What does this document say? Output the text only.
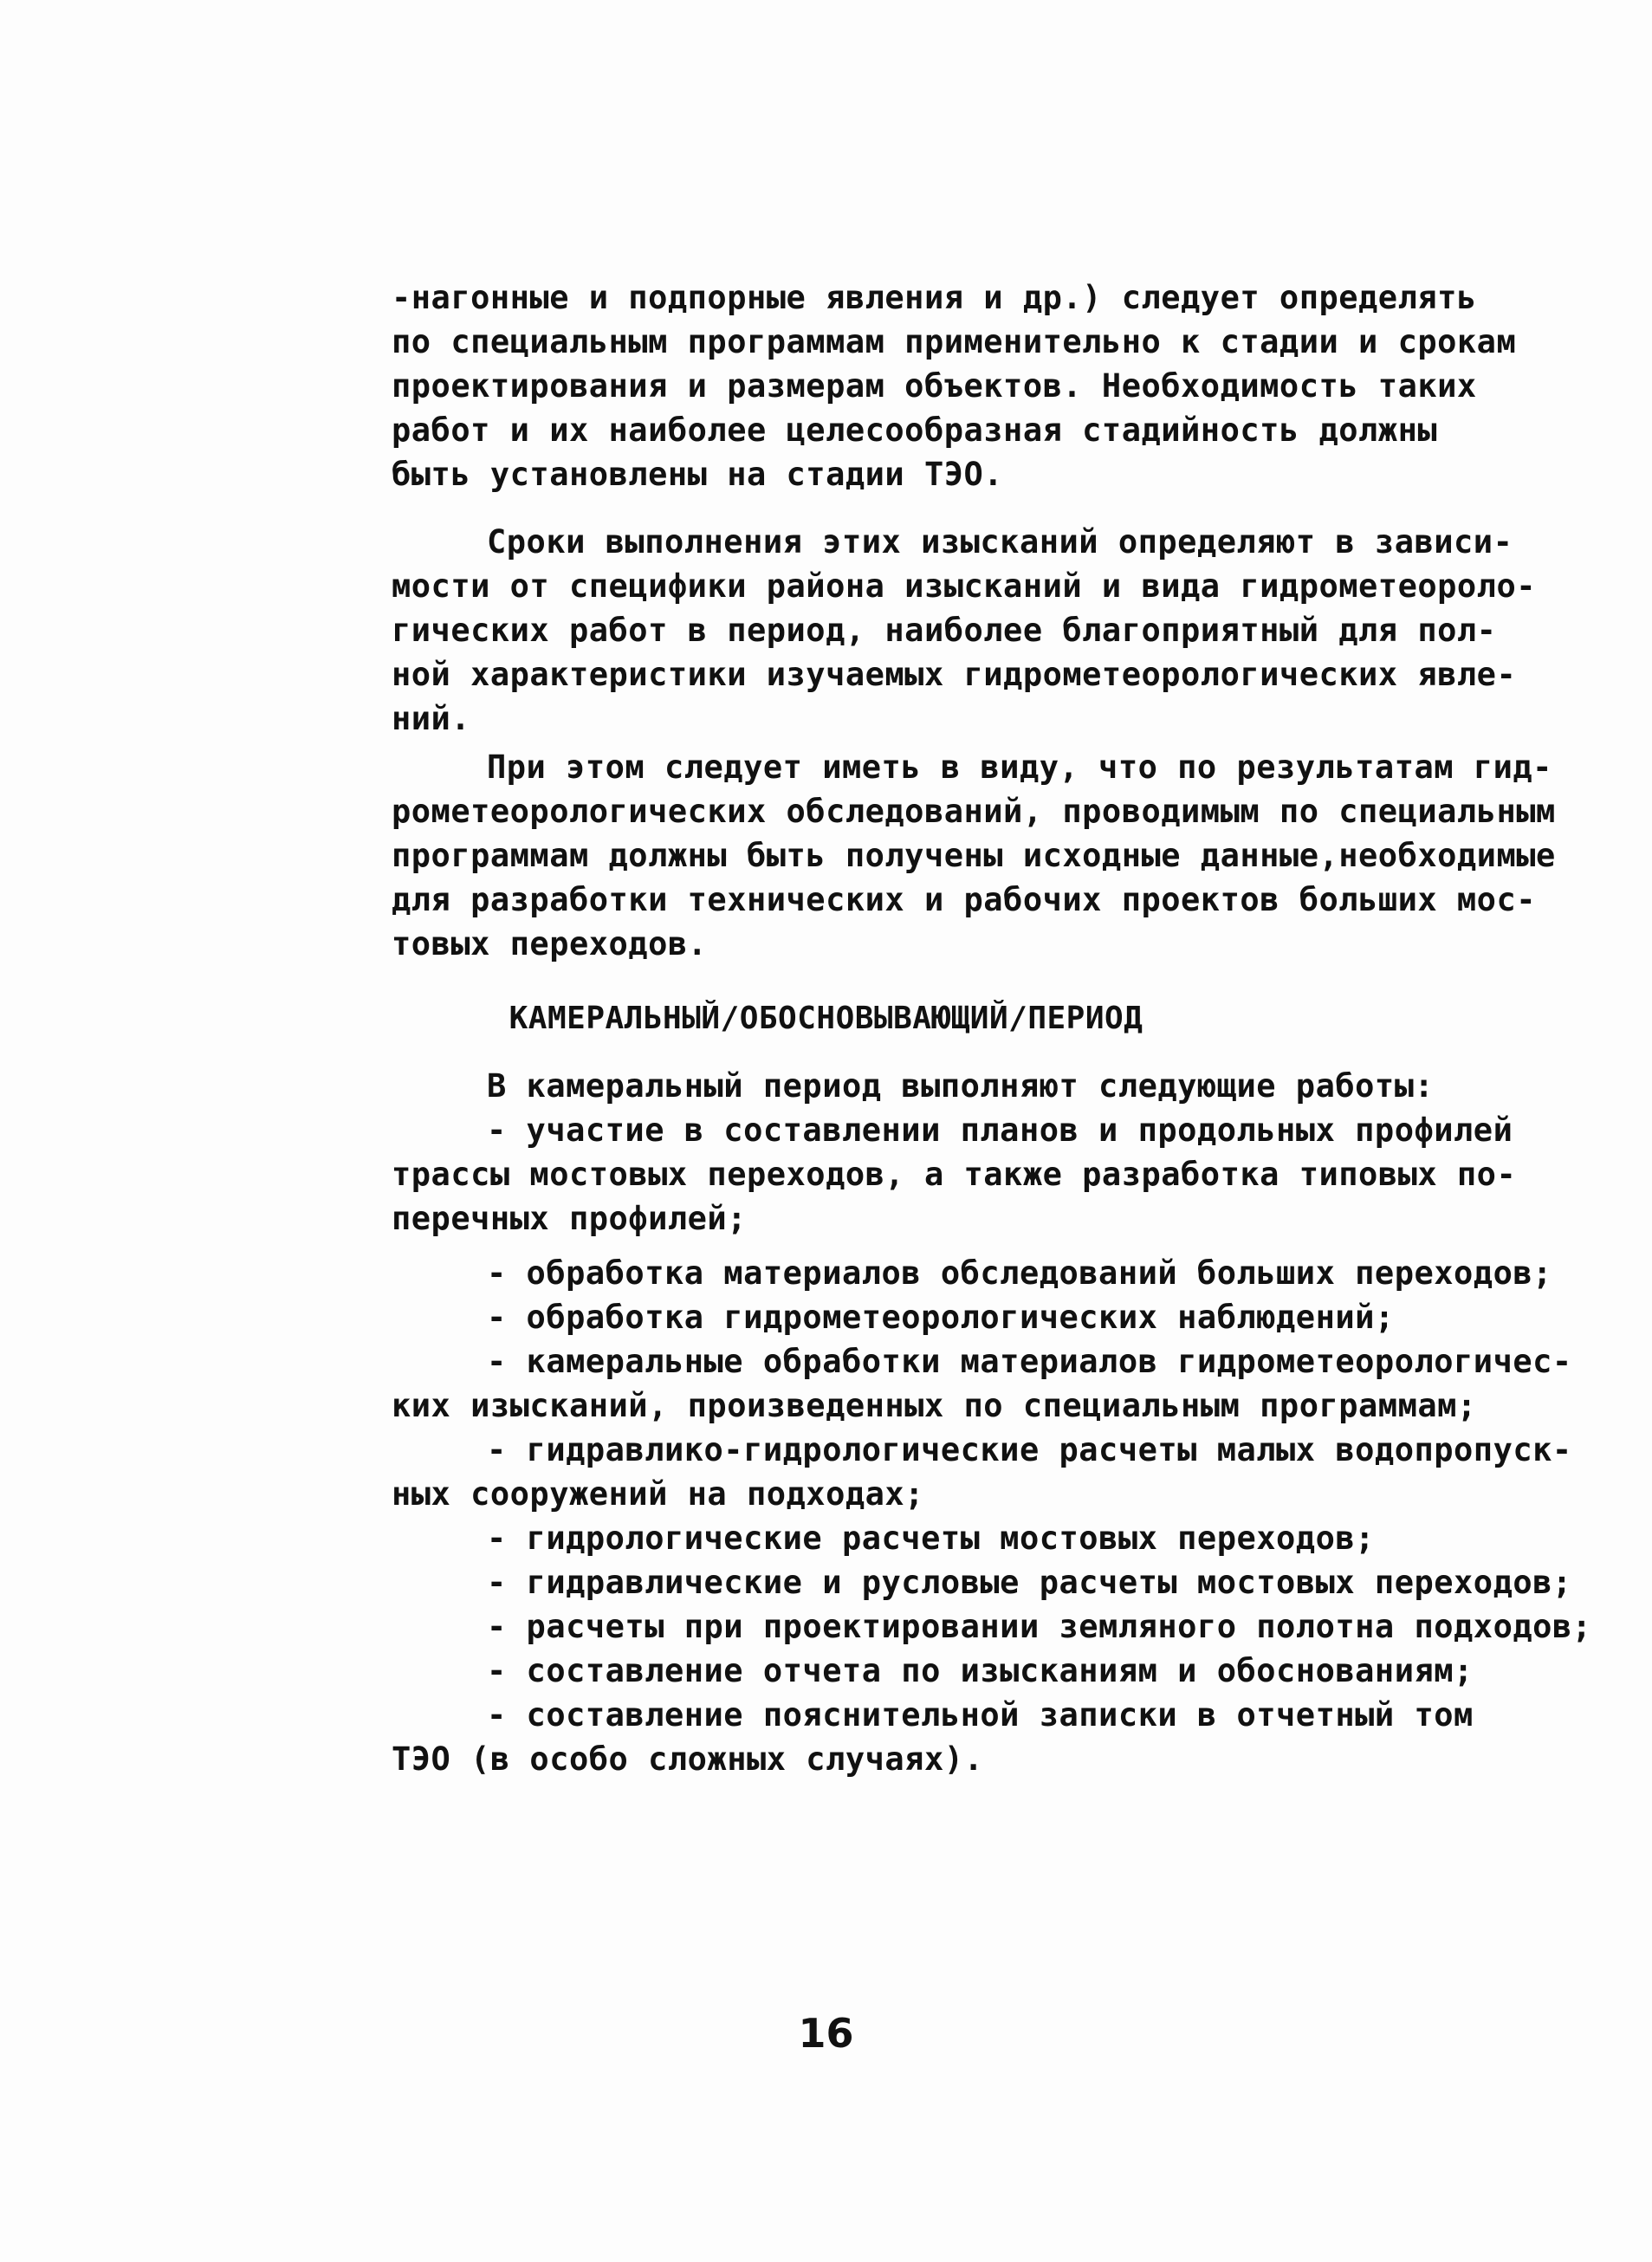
-нагонные и подпорные явления и др.) следует определять
по специальным программам применительно к стадии и срокам
проектирования и размерам объектов. Необходимость таких
работ и их наиболее целесообразная стадийность должны
быть установлены на стадии ТЭО.
Сроки выполнения этих изысканий определяют в зависи-
мости от специфики района изысканий и вида гидрометеороло-
гических работ в период, наиболее благоприятный для пол-
ной характеристики изучаемых гидрометеорологических явле-
ний.
При этом следует иметь в виду, что по результатам гид-
рометеорологических обследований, проводимым по специальным
программам должны быть получены исходные данные,необходимые
для разработки технических и рабочих проектов больших мос-
товых переходов.
КАМЕРАЛЬНЫЙ/ОБОСНОВЫВАЮЩИЙ/ПЕРИОД
В камеральный период выполняют следующие работы:
- участие в составлении планов и продольных профилей
трассы мостовых переходов, а также разработка типовых по-
перечных профилей;
- обработка материалов обследований больших переходов;
- обработка гидрометеорологических наблюдений;
- камеральные обработки материалов гидрометеорологичес-
ких изысканий, произведенных по специальным программам;
- гидравлико-гидрологические расчеты малых водопропуск-
ных сооружений на подходах;
- гидрологические расчеты мостовых переходов;
- гидравлические и русловые расчеты мостовых переходов;
- расчеты при проектировании земляного полотна подходов;
- составление отчета по изысканиям и обоснованиям;
- составление пояснительной записки в отчетный том
ТЭО (в особо сложных случаях).
16
